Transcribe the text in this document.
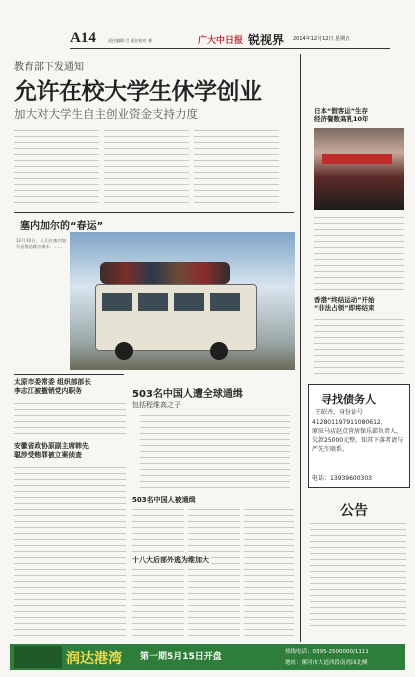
A14	责任编辑 吕 责任校对 龚	广大中日报 锐视界 2014年12月12日 星期五
教育部下发通知
允许在校大学生休学创业
加大对大学生自主创业资金支持力度
塞内加尔的“春运”
12月10日，人们在塞内加尔首都达喀尔乘车。……
太原市委常委 组织部部长
李志江被撤销党内职务
安徽省政协原副主席韩先
聪涉受贿罪被立案侦查
503名中国人遭全球通缉
包括程维高之子
503名中国人被通缉
十八大后部外逃为维加大
日本“假客运”生存
经济餐数高乳10年
香港“终结运动”开始
“非法占领”即将结束
寻找债务人
王昭齐，身份证号
412801197911080612，
原驻马店赵点营房保乐部负责人，欠款25000元整。知其下落者请与严先生联系。
电话：13939600303
公告
润达港湾 第一期5月15日开盘	热线电话：0395-2500000/1111
地址：漯河市大道西段南湾园北侧
